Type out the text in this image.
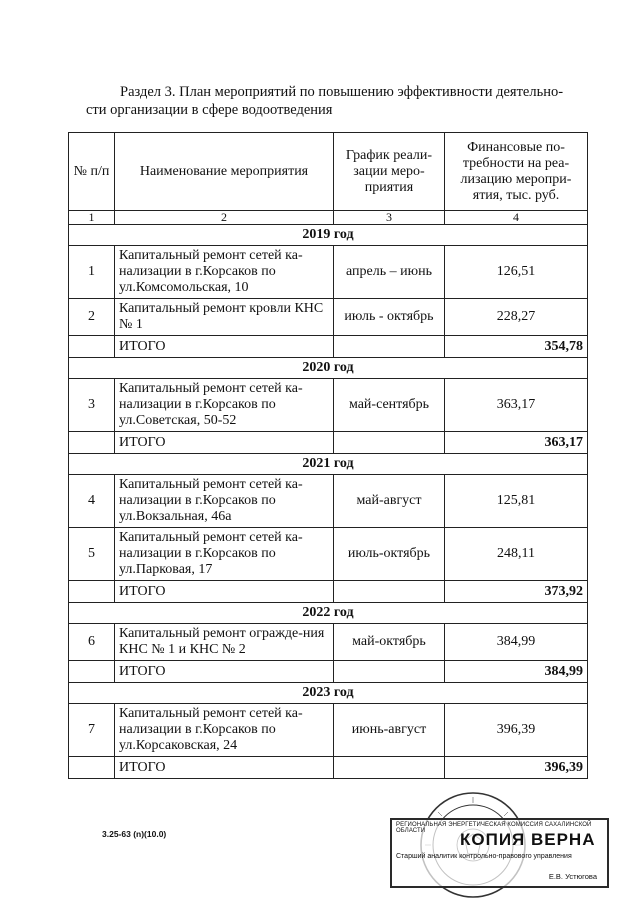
Раздел 3. План мероприятий по повышению эффективности деятельно-
сти организации в сфере водоотведения
№ п/п	Наименование мероприятия	График реали-зации меро-приятия	Финансовые по-требности на реа-лизацию меропри-ятия, тыс. руб.
1	2	3	4
2019 год			
1	Капитальный ремонт сетей ка-нализации в г.Корсаков по ул.Комсомольская, 10	апрель – июнь	126,51
2	Капитальный ремонт кровли КНС № 1	июль - октябрь	228,27
	ИТОГО		354,78
2020 год			
3	Капитальный ремонт сетей ка-нализации в г.Корсаков по ул.Советская, 50-52	май-сентябрь	363,17
	ИТОГО		363,17
2021 год			
4	Капитальный ремонт сетей ка-нализации в г.Корсаков по ул.Вокзальная, 46а	май-август	125,81
5	Капитальный ремонт сетей ка-нализации в г.Корсаков по ул.Парковая, 17	июль-октябрь	248,11
	ИТОГО		373,92
2022 год			
6	Капитальный ремонт огражде-ния КНС № 1 и КНС № 2	май-октябрь	384,99
	ИТОГО		384,99
2023 год			
7	Капитальный ремонт сетей ка-нализации в г.Корсаков по ул.Корсаковская, 24	июнь-август	396,39
	ИТОГО		396,39
3.25-63 (n)(10.0)
РЕГИОНАЛЬНАЯ ЭНЕРГЕТИЧЕСКАЯ КОМИССИЯ САХАЛИНСКОЙ ОБЛАСТИ	КОПИЯ ВЕРНА
Старший аналитик контрольно-правового управления
Е.В. Устюгова
